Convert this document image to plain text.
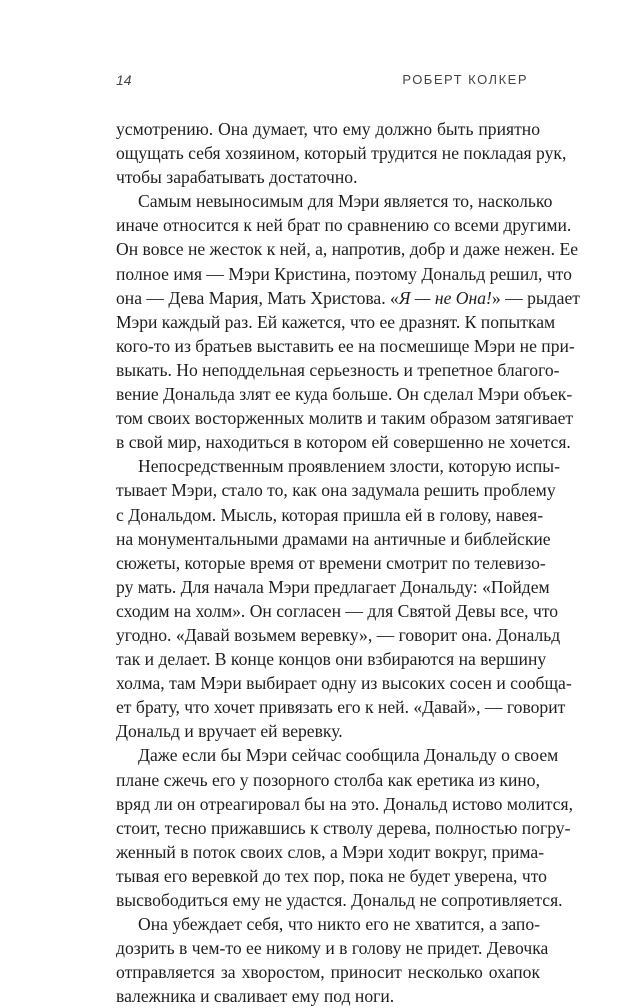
14	РОБЕРТ КОЛКЕР
усмотрению. Она думает, что ему должно быть приятно
ощущать себя хозяином, который трудится не покладая рук,
чтобы зарабатывать достаточно.
Самым невыносимым для Мэри является то, насколько
иначе относится к ней брат по сравнению со всеми другими.
Он вовсе не жесток к ней, а, напротив, добр и даже нежен. Ее
полное имя — Мэри Кристина, поэтому Дональд решил, что
она — Дева Мария, Мать Христова. «Я — не Она!» — рыдает
Мэри каждый раз. Ей кажется, что ее дразнят. К попыткам
кого-то из братьев выставить ее на посмешище Мэри не при-
выкать. Но неподдельная серьезность и трепетное благого-
вение Дональда злят ее куда больше. Он сделал Мэри объек-
том своих восторженных молитв и таким образом затягивает
в свой мир, находиться в котором ей совершенно не хочется.
Непосредственным проявлением злости, которую испы-
тывает Мэри, стало то, как она задумала решить проблему
с Дональдом. Мысль, которая пришла ей в голову, навея-
на монументальными драмами на античные и библейские
сюжеты, которые время от времени смотрит по телевизо-
ру мать. Для начала Мэри предлагает Дональду: «Пойдем
сходим на холм». Он согласен — для Святой Девы все, что
угодно. «Давай возьмем веревку», — говорит она. Дональд
так и делает. В конце концов они взбираются на вершину
холма, там Мэри выбирает одну из высоких сосен и сообща-
ет брату, что хочет привязать его к ней. «Давай», — говорит
Дональд и вручает ей веревку.
Даже если бы Мэри сейчас сообщила Дональду о своем
плане сжечь его у позорного столба как еретика из кино,
вряд ли он отреагировал бы на это. Дональд истово молится,
стоит, тесно прижавшись к стволу дерева, полностью погру-
женный в поток своих слов, а Мэри ходит вокруг, прима-
тывая его веревкой до тех пор, пока не будет уверена, что
высвободиться ему не удастся. Дональд не сопротивляется.
Она убеждает себя, что никто его не хватится, а запо-
дозрить в чем-то ее никому и в голову не придет. Девочка
отправляется за хворостом, приносит несколько охапок
валежника и сваливает ему под ноги.
